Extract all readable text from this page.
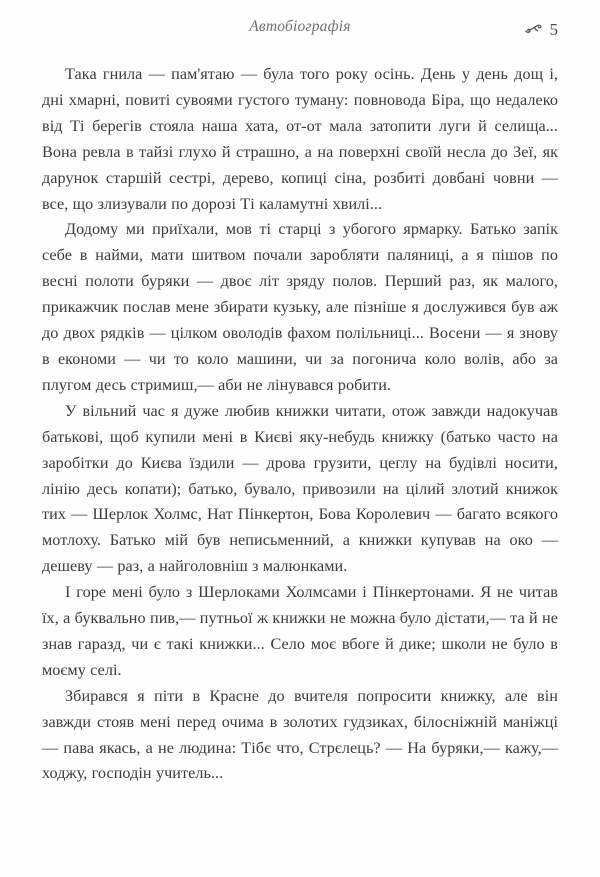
Автобіографія	5

Така гнила — пам'ятаю — була того року осінь. День у день дощ і, дні хмарні, повиті сувоями густого туману: повновода Біра, що недалеко від Ті берегів стояла наша хата, от-от мала затопити луги й селища... Вона ревла в тайзі глухо й страшно, а на поверхні своїй несла до Зеї, як дарунок старшій сестрі, дерево, копиці сіна, розбиті довбані човни — все, що злизували по дорозі Ті каламутні хвилі...

Додому ми приїхали, мов ті старці з убогого ярмарку. Батько запік себе в найми, мати шитвом почали заробляти паляниці, а я пішов по весні полоти буряки — двоє літ зряду полов. Перший раз, як малого, прикажчик послав мене збирати кузьку, але пізніше я дослужився був аж до двох рядків — цілком оволодів фахом полільниці... Восени — я знову в економи — чи то коло машини, чи за погонича коло волів, або за плугом десь стримиш,— аби не лінувався робити.

У вільний час я дуже любив книжки читати, отож завжди надокучав батькові, щоб купили мені в Києві яку-небудь книжку (батько часто на заробітки до Києва їздили — дрова грузити, цеглу на будівлі носити, лінію десь копати); батько, бувало, привозили на цілий злотий книжок тих — Шерлок Холмс, Нат Пінкертон, Бова Королевич — багато всякого мотлоху. Батько мій був неписьменний, а книжки купував на око — дешеву — раз, а найголовніш з малюнками.

І горе мені було з Шерлоками Холмсами і Пінкертонами. Я не читав їх, а буквально пив,— путньої ж книжки не можна було дістати,— та й не знав гаразд, чи є такі книжки... Село моє вбоге й дике; школи не було в моєму селі.

Збирався я піти в Красне до вчителя попросити книжку, але він завжди стояв мені перед очима в золотих гудзиках, білосніжній маніжці — пава якась, а не людина: Тібє что, Стрєлець? — На буряки,— кажу,— ходжу, господін учитель...
